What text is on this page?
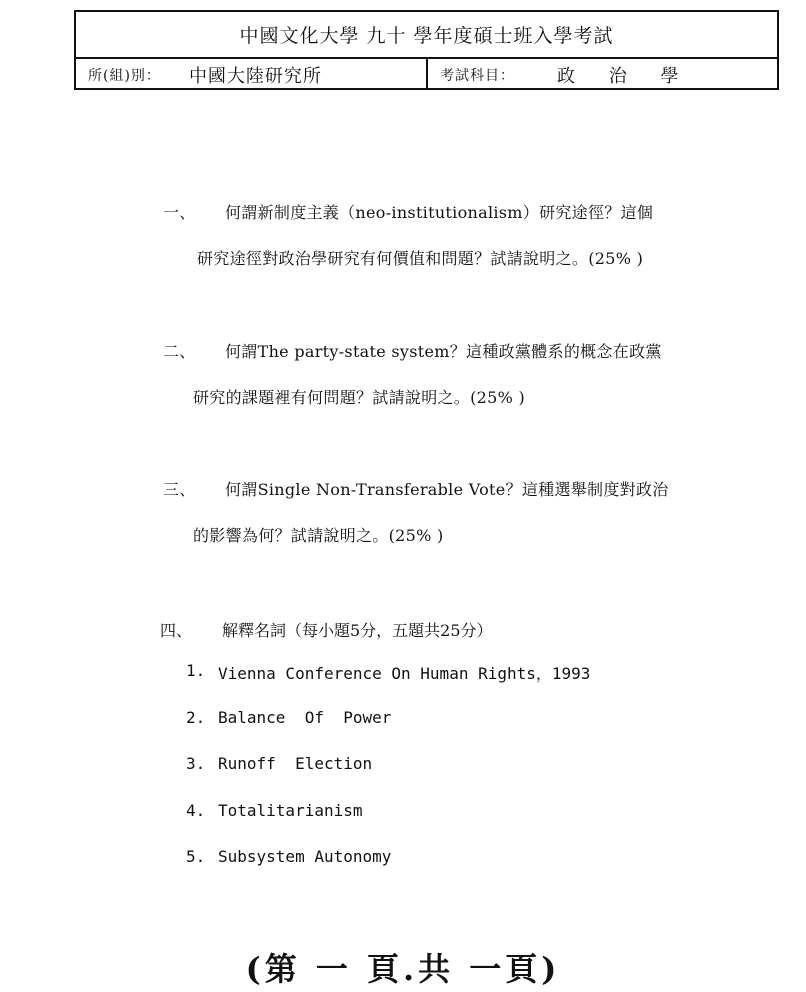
中國文化大學 九十 學年度碩士班入學考試
所(組)別： 中國大陸研究所	考試科目： 政 治 學
一、 何謂新制度主義（neo-institutionalism）研究途徑？這個
研究途徑對政治學研究有何價值和問題？試請說明之。(25% )
二、 何謂The party-state system？這種政黨體系的概念在政黨
研究的課題裡有何問題？試請說明之。(25% )
三、 何謂Single Non-Transferable Vote？這種選舉制度對政治
的影響為何？試請說明之。(25% )
四、 解釋名詞（每小題5分，五題共25分）
1. Vienna Conference On Human Rights，1993
2. Balance  Of  Power
3. Runoff  Election
4. Totalitarianism
5. Subsystem Autonomy
(第 一 頁.共 一頁)
